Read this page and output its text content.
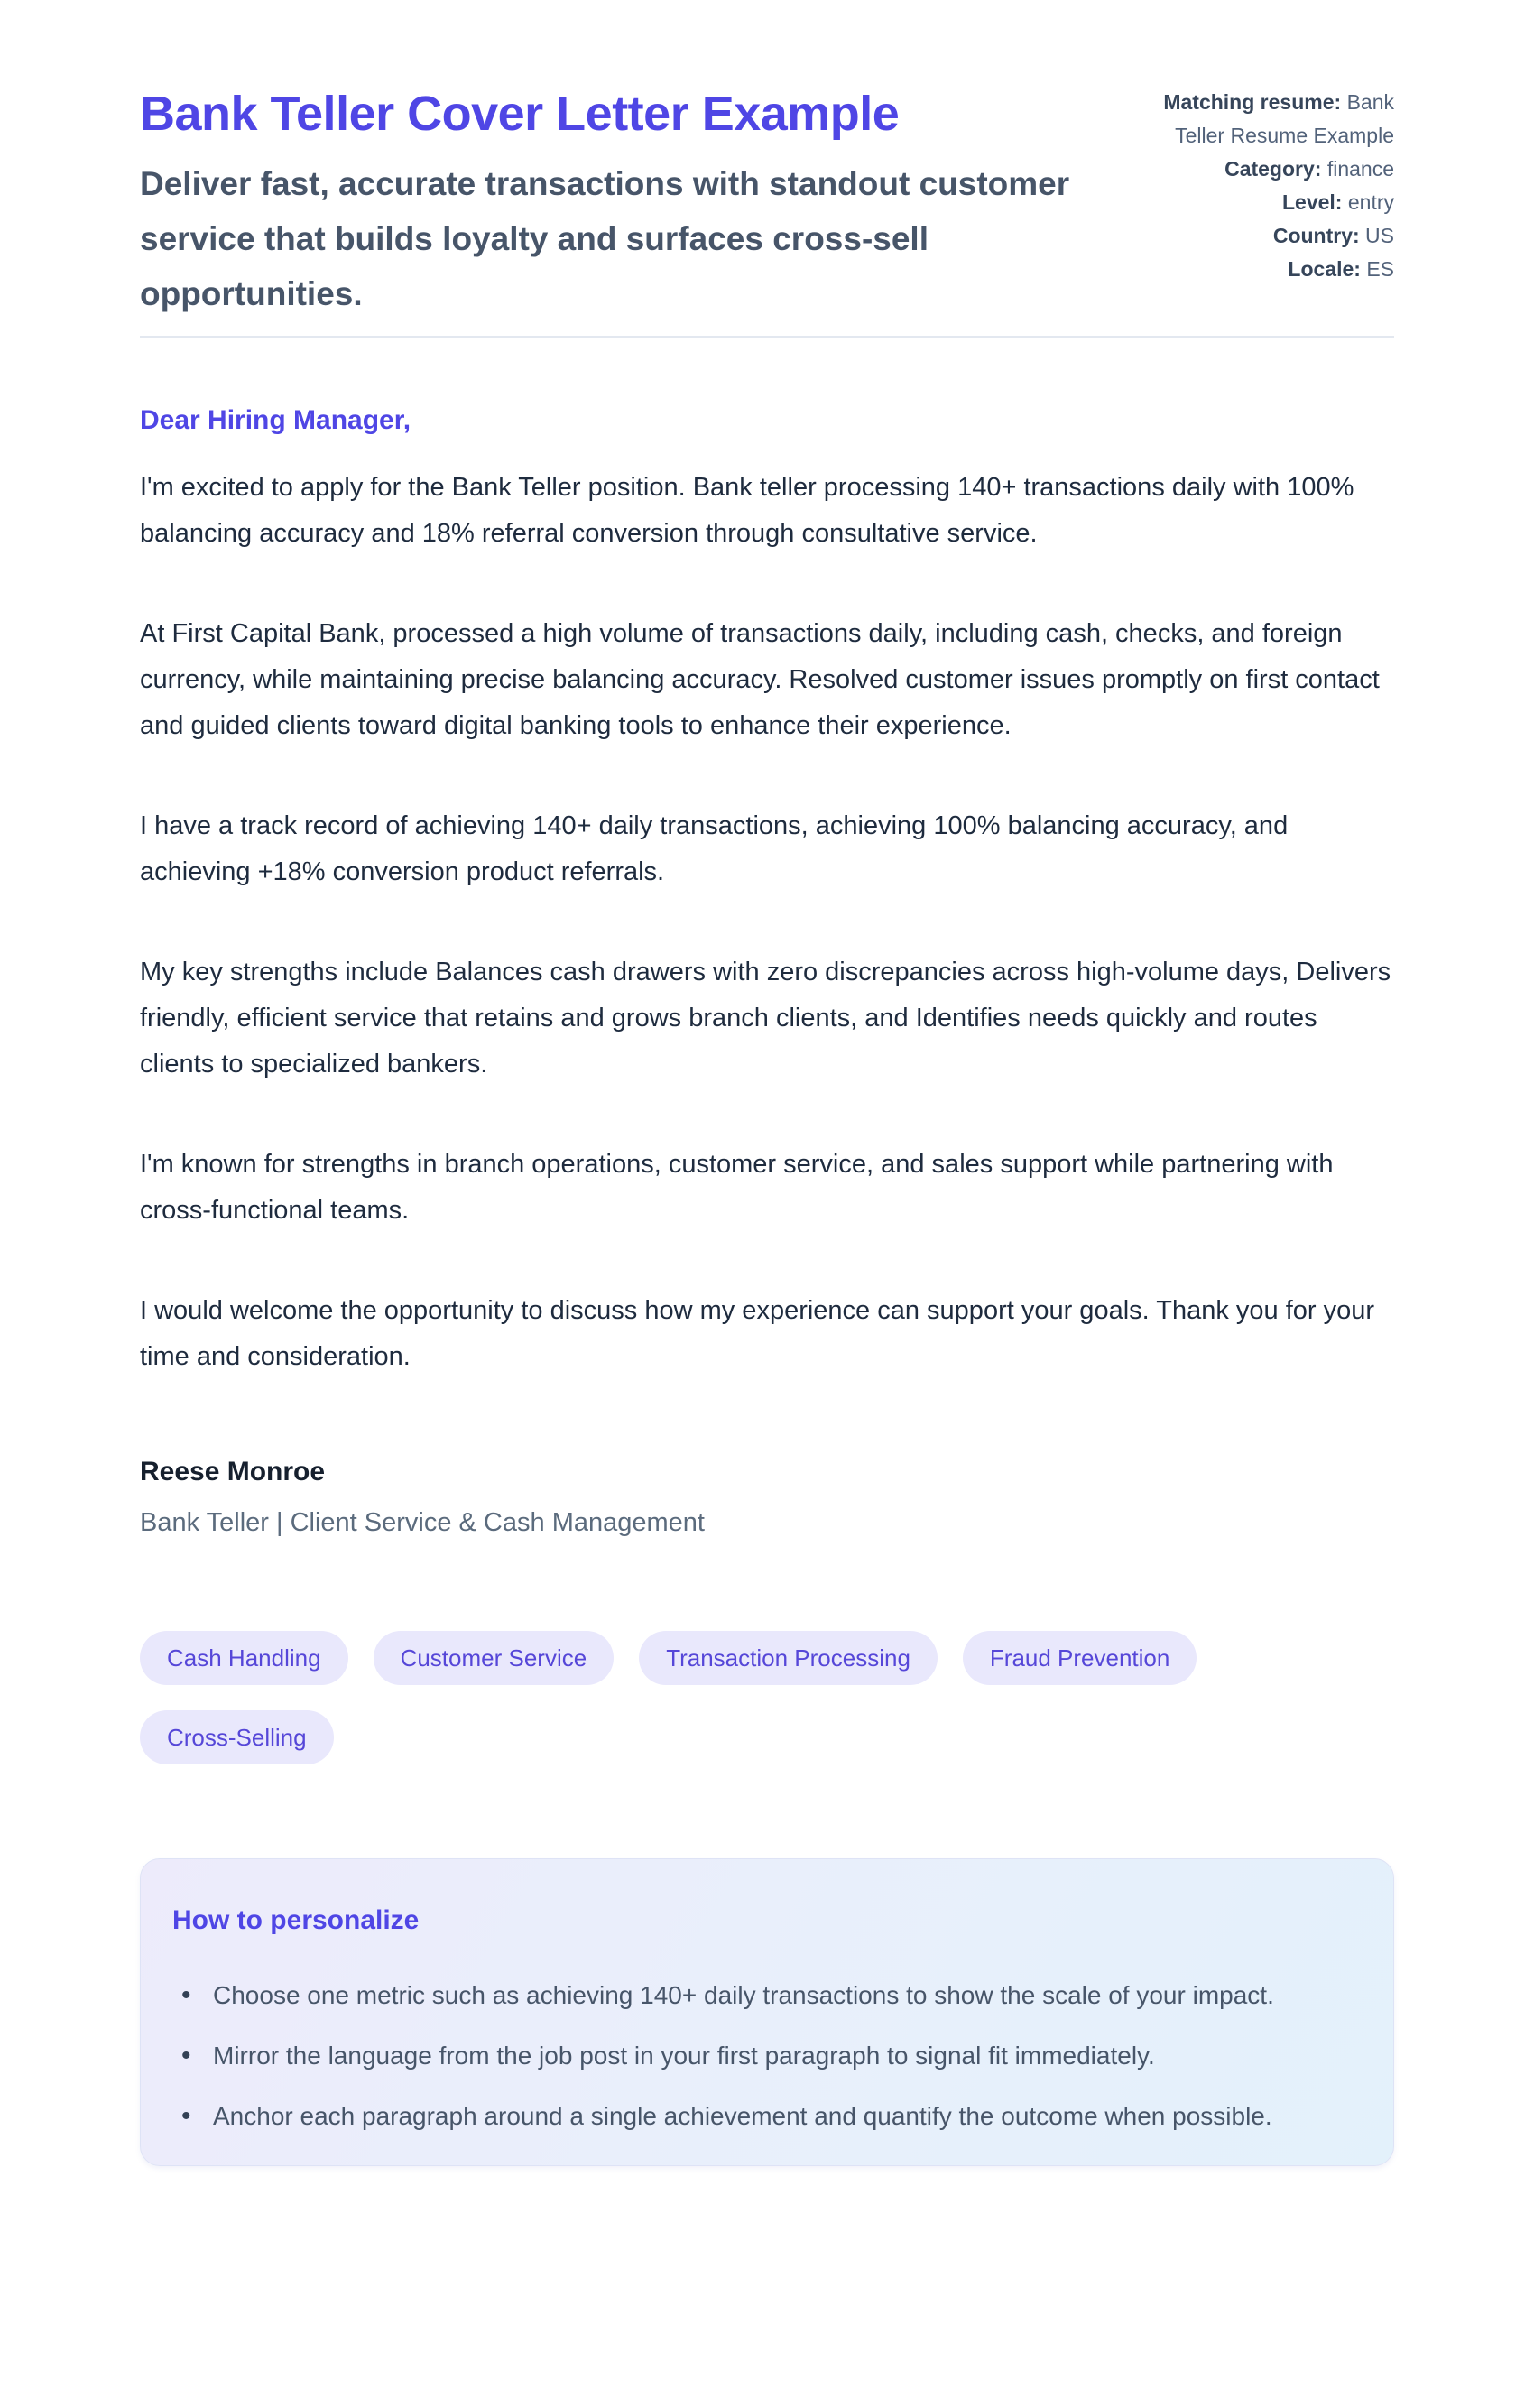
Bank Teller Cover Letter Example
Deliver fast, accurate transactions with standout customer service that builds loyalty and surfaces cross-sell opportunities.
Matching resume: Bank Teller Resume Example
Category: finance
Level: entry
Country: US
Locale: ES
Dear Hiring Manager,

I'm excited to apply for the Bank Teller position. Bank teller processing 140+ transactions daily with 100% balancing accuracy and 18% referral conversion through consultative service.

At First Capital Bank, processed a high volume of transactions daily, including cash, checks, and foreign currency, while maintaining precise balancing accuracy. Resolved customer issues promptly on first contact and guided clients toward digital banking tools to enhance their experience.

I have a track record of achieving 140+ daily transactions, achieving 100% balancing accuracy, and achieving +18% conversion product referrals.

My key strengths include Balances cash drawers with zero discrepancies across high-volume days, Delivers friendly, efficient service that retains and grows branch clients, and Identifies needs quickly and routes clients to specialized bankers.

I'm known for strengths in branch operations, customer service, and sales support while partnering with cross-functional teams.

I would welcome the opportunity to discuss how my experience can support your goals. Thank you for your time and consideration.

Reese Monroe
Bank Teller | Client Service & Cash Management
Cash Handling	Customer Service	Transaction Processing	Fraud Prevention
Cross-Selling
How to personalize
• Choose one metric such as achieving 140+ daily transactions to show the scale of your impact.
• Mirror the language from the job post in your first paragraph to signal fit immediately.
• Anchor each paragraph around a single achievement and quantify the outcome when possible.
